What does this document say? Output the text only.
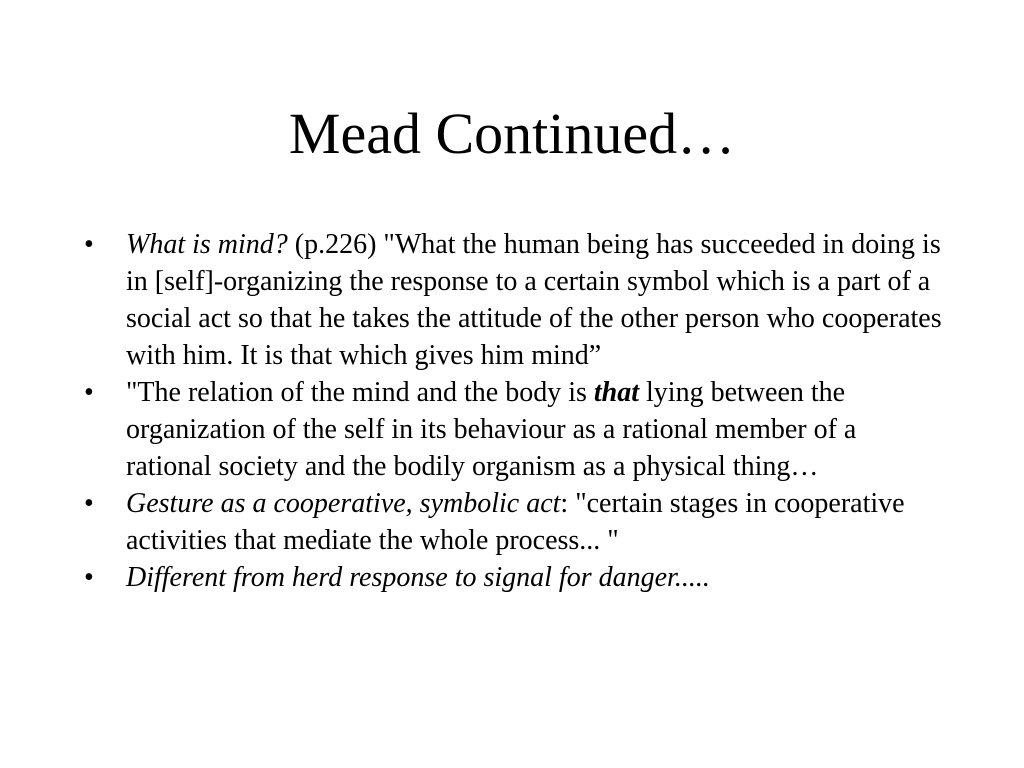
Mead Continued…
•	What is mind? (p.226) "What the human being has succeeded in doing is in [self]-organizing the response to a certain symbol which is a part of a social act so that he takes the attitude of the other person who cooperates with him. It is that which gives him mind”
•	"The relation of the mind and the body is that lying between the organization of the self in its behaviour as a rational member of a rational society and the bodily organism as a physical thing…
•	Gesture as a cooperative, symbolic act: "certain stages in cooperative activities that mediate the whole process... "
•	Different from herd response to signal for danger.....
